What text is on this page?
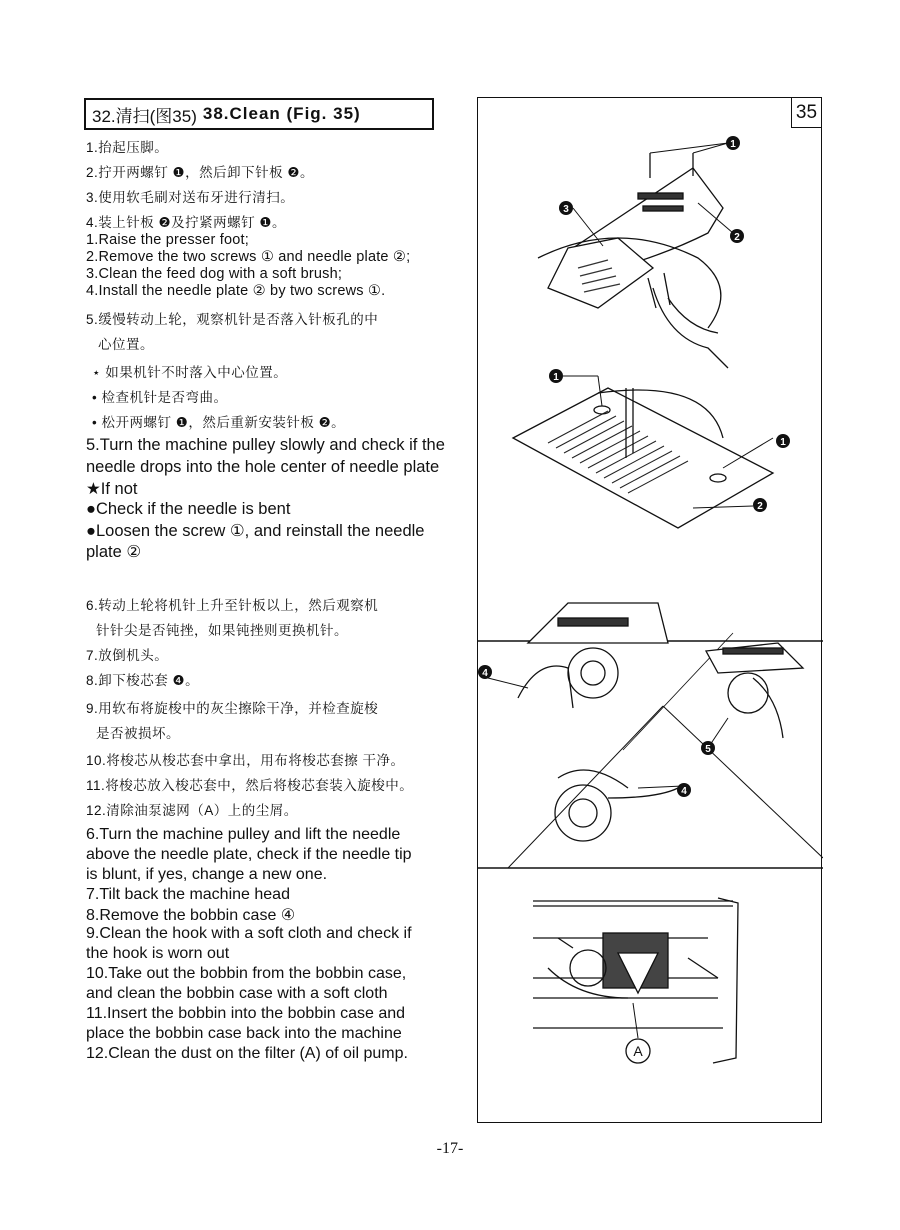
32.清扫(图35) 38.Clean (Fig. 35)
1.抬起压脚。
2.拧开两螺钉 ❶，然后卸下针板 ❷。
3.使用软毛刷对送布牙进行清扫。
4.装上针板 ❷及拧紧两螺钉 ❶。
1.Raise the presser foot;
2.Remove the two screws ① and needle plate ②;
3.Clean the feed dog with a soft brush;
4.Install the needle plate ② by two screws ①.
5.缓慢转动上轮，观察机针是否落入针板孔的中
心位置。
⋆ 如果机针不时落入中心位置。
• 检查机针是否弯曲。
• 松开两螺钉 ❶，然后重新安装针板 ❷。
5.Turn the machine pulley slowly and check if the
needle drops into the hole center of needle plate
★If not
●Check if the needle is bent
●Loosen the screw ①, and reinstall the needle
plate ②
6.转动上轮将机针上升至针板以上，然后观察机
针针尖是否钝挫，如果钝挫则更换机针。
7.放倒机头。
8.卸下梭芯套 ❹。
9.用软布将旋梭中的灰尘擦除干净，并检查旋梭
是否被损坏。
10.将梭芯从梭芯套中拿出，用布将梭芯套擦 干净。
11.将梭芯放入梭芯套中，然后将梭芯套装入旋梭中。
12.清除油泵滤网（A）上的尘屑。
6.Turn the machine pulley and lift the needle
above the needle plate, check if the needle tip
is blunt, if yes, change a new one.
7.Tilt back the machine head
8.Remove the bobbin case ④
9.Clean the hook with a soft cloth and check if
the hook is worn out
10.Take out the bobbin from the bobbin case,
and clean the bobbin case with a soft cloth
11.Insert the bobbin into the bobbin case and
place the bobbin case back into the machine
12.Clean the dust on the filter (A) of oil pump.
35
1
2
3
1
1
2
4
5
4
A
-17-
